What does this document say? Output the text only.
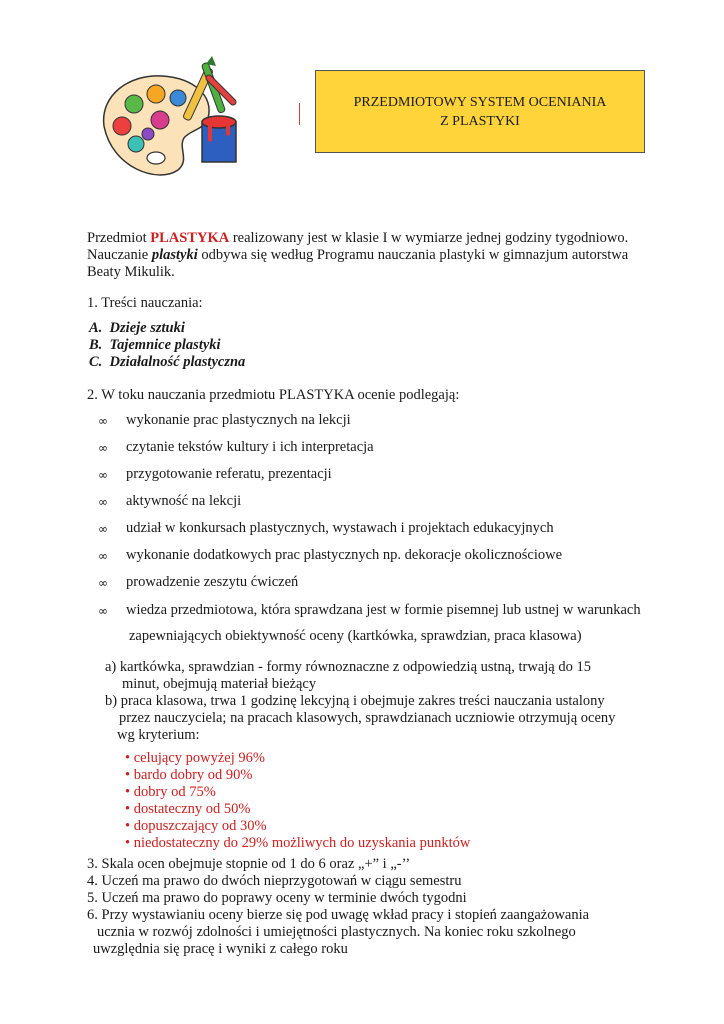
PRZEDMIOTOWY SYSTEM OCENIANIA
Z PLASTYKI
Przedmiot PLASTYKA realizowany jest w klasie I w wymiarze jednej godziny tygodniowo.
Nauczanie plastyki odbywa się według Programu nauczania plastyki w gimnazjum autorstwa
Beaty Mikulik.
1. Treści nauczania:
A. Dzieje sztuki
B. Tajemnice plastyki
C. Działalność plastyczna
2. W toku nauczania przedmiotu PLASTYKA ocenie podlegają:
∞ wykonanie prac plastycznych na lekcji
∞ czytanie tekstów kultury i ich interpretacja
∞ przygotowanie referatu, prezentacji
∞ aktywność na lekcji
∞ udział w konkursach plastycznych, wystawach i projektach edukacyjnych
∞ wykonanie dodatkowych prac plastycznych np. dekoracje okolicznościowe
∞ prowadzenie zeszytu ćwiczeń
∞ wiedza przedmiotowa, która sprawdzana jest w formie pisemnej lub ustnej w warunkach
zapewniających obiektywność oceny (kartkówka, sprawdzian, praca klasowa)
a) kartkówka, sprawdzian - formy równoznaczne z odpowiedzią ustną, trwają do 15
minut, obejmują materiał bieżący
b) praca klasowa, trwa 1 godzinę lekcyjną i obejmuje zakres treści nauczania ustalony
przez nauczyciela; na pracach klasowych, sprawdzianach uczniowie otrzymują oceny
wg kryterium:
• celujący powyżej 96%
• bardo dobry od 90%
• dobry od 75%
• dostateczny od 50%
• dopuszczający od 30%
• niedostateczny do 29% możliwych do uzyskania punktów
3. Skala ocen obejmuje stopnie od 1 do 6 oraz „+” i „-’’
4. Uczeń ma prawo do dwóch nieprzygotowań w ciągu semestru
5. Uczeń ma prawo do poprawy oceny w terminie dwóch tygodni
6. Przy wystawianiu oceny bierze się pod uwagę wkład pracy i stopień zaangażowania
ucznia w rozwój zdolności i umiejętności plastycznych. Na koniec roku szkolnego
uwzględnia się pracę i wyniki z całego roku
